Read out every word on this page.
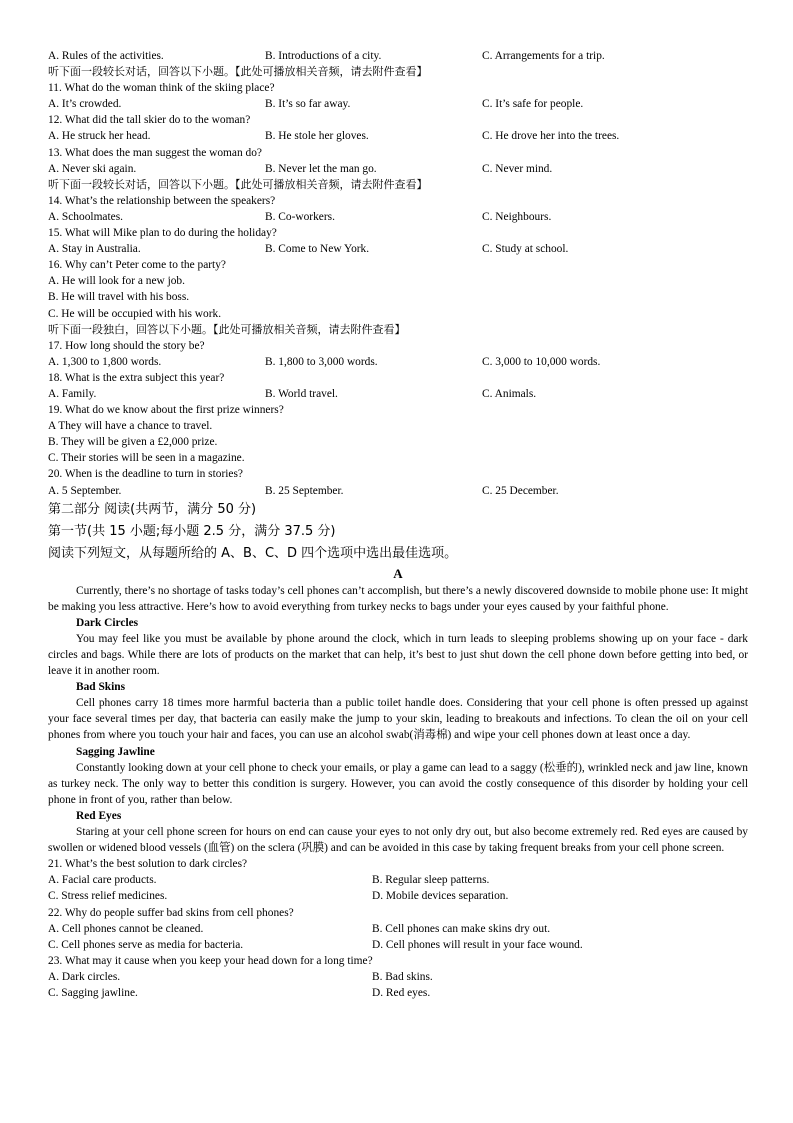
A. Rules of the activities.	B. Introductions of a city.	C. Arrangements for a trip.
听下面一段较长对话，回答以下小题。【此处可播放相关音频，请去附件查看】
11. What do the woman think of the skiing place?
A. It’s crowded.	B. It’s so far away.	C. It’s safe for people.
12. What did the tall skier do to the woman?
A. He struck her head.	B. He stole her gloves.	C. He drove her into the trees.
13. What does the man suggest the woman do?
A. Never ski again.	B. Never let the man go.	C. Never mind.
听下面一段较长对话，回答以下小题。【此处可播放相关音频，请去附件查看】
14. What’s the relationship between the speakers?
A. Schoolmates.	B. Co-workers.	C. Neighbours.
15. What will Mike plan to do during the holiday?
A. Stay in Australia.	B. Come to New York.	C. Study at school.
16. Why can’t Peter come to the party?
A. He will look for a new job.
B. He will travel with his boss.
C. He will be occupied with his work.
听下面一段独白，回答以下小题。【此处可播放相关音频，请去附件查看】
17. How long should the story be?
A. 1,300 to 1,800 words.	B. 1,800 to 3,000 words.	C. 3,000 to 10,000 words.
18. What is the extra subject this year?
A. Family.	B. World travel.	C. Animals.
19. What do we know about the first prize winners?
A They will have a chance to travel.
B. They will be given a £2,000 prize.
C. Their stories will be seen in a magazine.
20. When is the deadline to turn in stories?
A. 5 September.	B. 25 September.	C. 25 December.
第二部分 阅读(共两节，满分 50 分)
第一节(共 15 小题;每小题 2.5 分，满分 37.5 分)
阅读下列短文，从每题所给的 A、B、C、D 四个选项中选出最佳选项。
A

Currently, there’s no shortage of tasks today’s cell phones can’t accomplish, but there’s a newly discovered downside to mobile phone use: It might be making you less attractive. Here’s how to avoid everything from turkey necks to bags under your eyes caused by your faithful phone.

Dark Circles

You may feel like you must be available by phone around the clock, which in turn leads to sleeping problems showing up on your face - dark circles and bags. While there are lots of products on the market that can help, it’s best to just shut down the cell phone down before getting into bed, or leave it in another room.

Bad Skins

Cell phones carry 18 times more harmful bacteria than a public toilet handle does. Considering that your cell phone is often pressed up against your face several times per day, that bacteria can easily make the jump to your skin, leading to breakouts and infections. To clean the oil on your cell phones from where you touch your hair and faces, you can use an alcohol swab(消毒棉) and wipe your cell phones down at least once a day.

Sagging Jawline

Constantly looking down at your cell phone to check your emails, or play a game can lead to a saggy (松垂的), wrinkled neck and jaw line, known as turkey neck. The only way to better this condition is surgery. However, you can avoid the costly consequence of this disorder by holding your cell phone in front of you, rather than below.

Red Eyes

Staring at your cell phone screen for hours on end can cause your eyes to not only dry out, but also become extremely red. Red eyes are caused by swollen or widened blood vessels (血管) on the sclera (巩膜) and can be avoided in this case by taking frequent breaks from your cell phone screen.

21. What’s the best solution to dark circles?
A. Facial care products.	B. Regular sleep patterns.
C. Stress relief medicines.	D. Mobile devices separation.
22. Why do people suffer bad skins from cell phones?
A. Cell phones cannot be cleaned.	B. Cell phones can make skins dry out.
C. Cell phones serve as media for bacteria.	D. Cell phones will result in your face wound.
23. What may it cause when you keep your head down for a long time?
A. Dark circles.	B. Bad skins.
C. Sagging jawline.	D. Red eyes.
